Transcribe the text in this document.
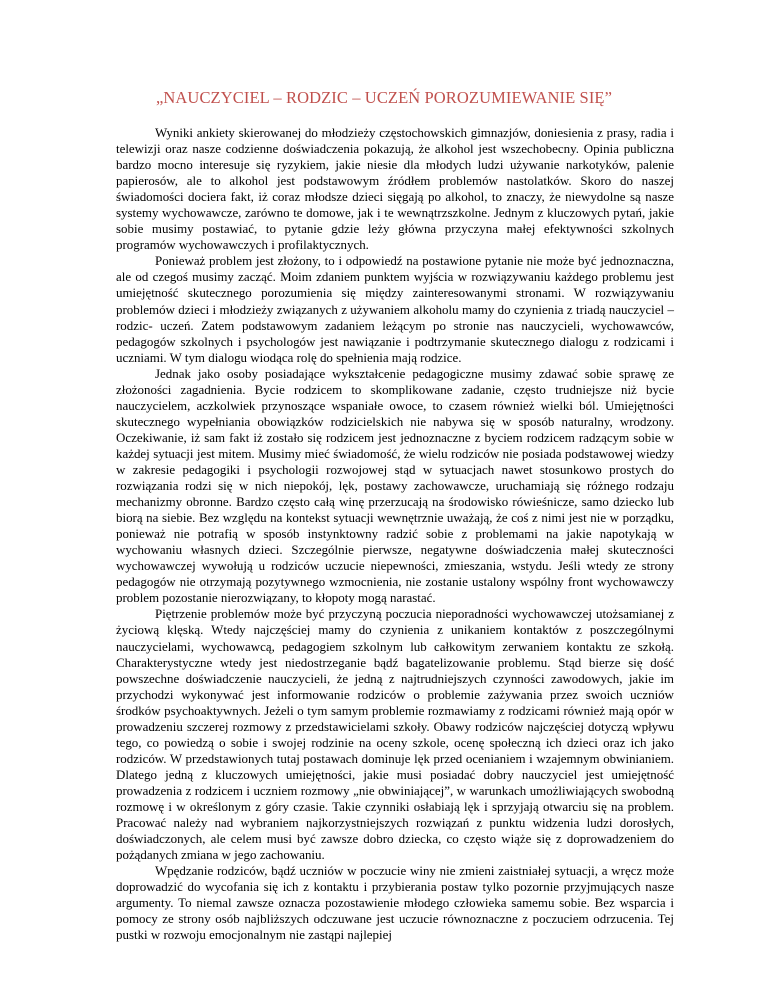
„NAUCZYCIEL – RODZIC – UCZEŃ POROZUMIEWANIE SIĘ”

Wyniki ankiety skierowanej do młodzieży częstochowskich gimnazjów, doniesienia z prasy, radia i telewizji oraz nasze codzienne doświadczenia pokazują, że alkohol jest wszechobecny. Opinia publiczna bardzo mocno interesuje się ryzykiem, jakie niesie dla młodych ludzi używanie narkotyków, palenie papierosów, ale to alkohol jest podstawowym źródłem problemów nastolatków. Skoro do naszej świadomości dociera fakt, iż coraz młodsze dzieci sięgają po alkohol, to znaczy, że niewydolne są nasze systemy wychowawcze, zarówno te domowe, jak i te wewnątrzszkolne. Jednym z kluczowych pytań, jakie sobie musimy postawiać, to pytanie gdzie leży główna przyczyna małej efektywności szkolnych programów wychowawczych i profilaktycznych.

Ponieważ problem jest złożony, to i odpowiedź na postawione pytanie nie może być jednoznaczna, ale od czegoś musimy zacząć. Moim zdaniem punktem wyjścia w rozwiązywaniu każdego problemu jest umiejętność skutecznego porozumienia się między zainteresowanymi stronami. W rozwiązywaniu problemów dzieci i młodzieży związanych z używaniem alkoholu mamy do czynienia z triadą nauczyciel – rodzic- uczeń. Zatem podstawowym zadaniem leżącym po stronie nas nauczycieli, wychowawców, pedagogów szkolnych i psychologów jest nawiązanie i podtrzymanie skutecznego dialogu z rodzicami i uczniami. W tym dialogu wiodąca rolę do spełnienia mają rodzice.

Jednak jako osoby posiadające wykształcenie pedagogiczne musimy zdawać sobie sprawę ze złożoności zagadnienia. Bycie rodzicem to skomplikowane zadanie, często trudniejsze niż bycie nauczycielem, aczkolwiek przynoszące wspaniałe owoce, to czasem również wielki ból. Umiejętności skutecznego wypełniania obowiązków rodzicielskich nie nabywa się w sposób naturalny, wrodzony. Oczekiwanie, iż sam fakt iż zostało się rodzicem jest jednoznaczne z byciem rodzicem radzącym sobie w każdej sytuacji jest mitem. Musimy mieć świadomość, że wielu rodziców nie posiada podstawowej wiedzy w zakresie pedagogiki i psychologii rozwojowej stąd w sytuacjach nawet stosunkowo prostych do rozwiązania rodzi się w nich niepokój, lęk, postawy zachowawcze, uruchamiają się różnego rodzaju mechanizmy obronne. Bardzo często całą winę przerzucają na środowisko rówieśnicze, samo dziecko lub biorą na siebie. Bez względu na kontekst sytuacji wewnętrznie uważają, że coś z nimi jest nie w porządku, ponieważ nie potrafią w sposób instynktowny radzić sobie z problemami na jakie napotykają w wychowaniu własnych dzieci. Szczególnie pierwsze, negatywne doświadczenia małej skuteczności wychowawczej wywołują u rodziców uczucie niepewności, zmieszania, wstydu. Jeśli wtedy ze strony pedagogów nie otrzymają pozytywnego wzmocnienia, nie zostanie ustalony wspólny front wychowawczy problem pozostanie nierozwiązany, to kłopoty mogą narastać.

Piętrzenie problemów może być przyczyną poczucia nieporadności wychowawczej utożsamianej z życiową klęską. Wtedy najczęściej mamy do czynienia z unikaniem kontaktów z poszczególnymi nauczycielami, wychowawcą, pedagogiem szkolnym lub całkowitym zerwaniem kontaktu ze szkołą. Charakterystyczne wtedy jest niedostrzeganie bądź bagatelizowanie problemu. Stąd bierze się dość powszechne doświadczenie nauczycieli, że jedną z najtrudniejszych czynności zawodowych, jakie im przychodzi wykonywać jest informowanie rodziców o problemie zażywania przez swoich uczniów środków psychoaktywnych. Jeżeli o tym samym problemie rozmawiamy z rodzicami również mają opór w prowadzeniu szczerej rozmowy z przedstawicielami szkoły. Obawy rodziców najczęściej dotyczą wpływu tego, co powiedzą o sobie i swojej rodzinie na oceny szkole, ocenę społeczną ich dzieci oraz ich jako rodziców. W przedstawionych tutaj postawach dominuje lęk przed ocenianiem i wzajemnym obwinianiem. Dlatego jedną z kluczowych umiejętności, jakie musi posiadać dobry nauczyciel jest umiejętność prowadzenia z rodzicem i uczniem rozmowy „nie obwiniającej”, w warunkach umożliwiających swobodną rozmowę i w określonym z góry czasie. Takie czynniki osłabiają lęk i sprzyjają otwarciu się na problem. Pracować należy nad wybraniem najkorzystniejszych rozwiązań z punktu widzenia ludzi dorosłych, doświadczonych, ale celem musi być zawsze dobro dziecka, co często wiąże się z doprowadzeniem do pożądanych zmiana w jego zachowaniu.

Wpędzanie rodziców, bądź uczniów w poczucie winy nie zmieni zaistniałej sytuacji, a wręcz może doprowadzić do wycofania się ich z kontaktu i przybierania postaw tylko pozornie przyjmujących nasze argumenty. To niemal zawsze oznacza pozostawienie młodego człowieka samemu sobie. Bez wsparcia i pomocy ze strony osób najbliższych odczuwane jest uczucie równoznaczne z poczuciem odrzucenia. Tej pustki w rozwoju emocjonalnym nie zastąpi najlepiej
